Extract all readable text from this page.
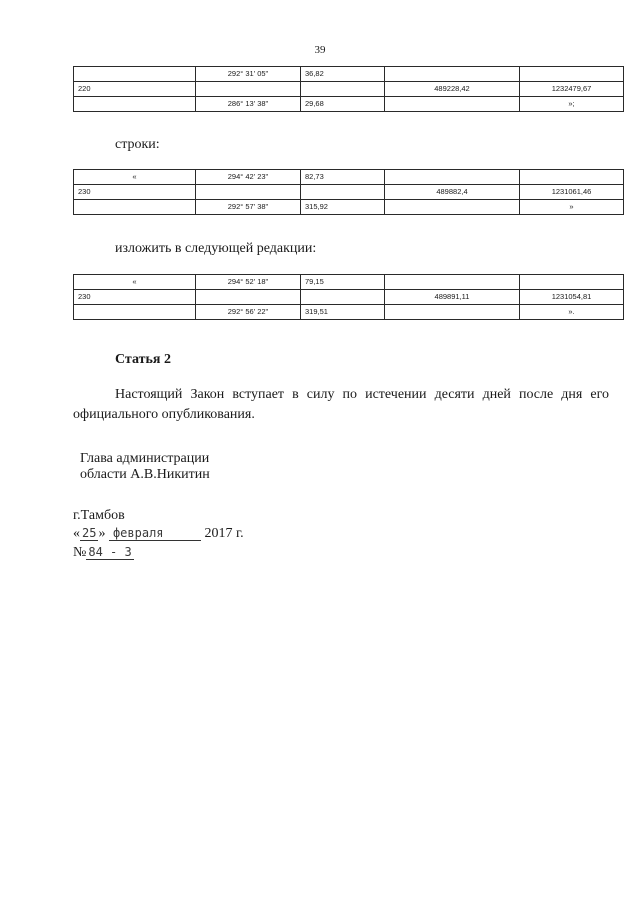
39
	292° 31' 05"	36,82		
220			489228,42	1232479,67
	286° 13' 38"	29,68		»;
строки:
«	294° 42' 23"	82,73		
230			489882,4	1231061,46
	292° 57' 38"	315,92		»
изложить в следующей редакции:
«	294° 52' 18"	79,15		
230			489891,11	1231054,81
	292° 56' 22"	319,51		».
Статья 2
Настоящий Закон вступает в силу по истечении десяти дней после дня его официального опубликования.
Глава администрации
области А.В.Никитин
г.Тамбов
« 25 » февраля	2017 г.
№ 84 - З
